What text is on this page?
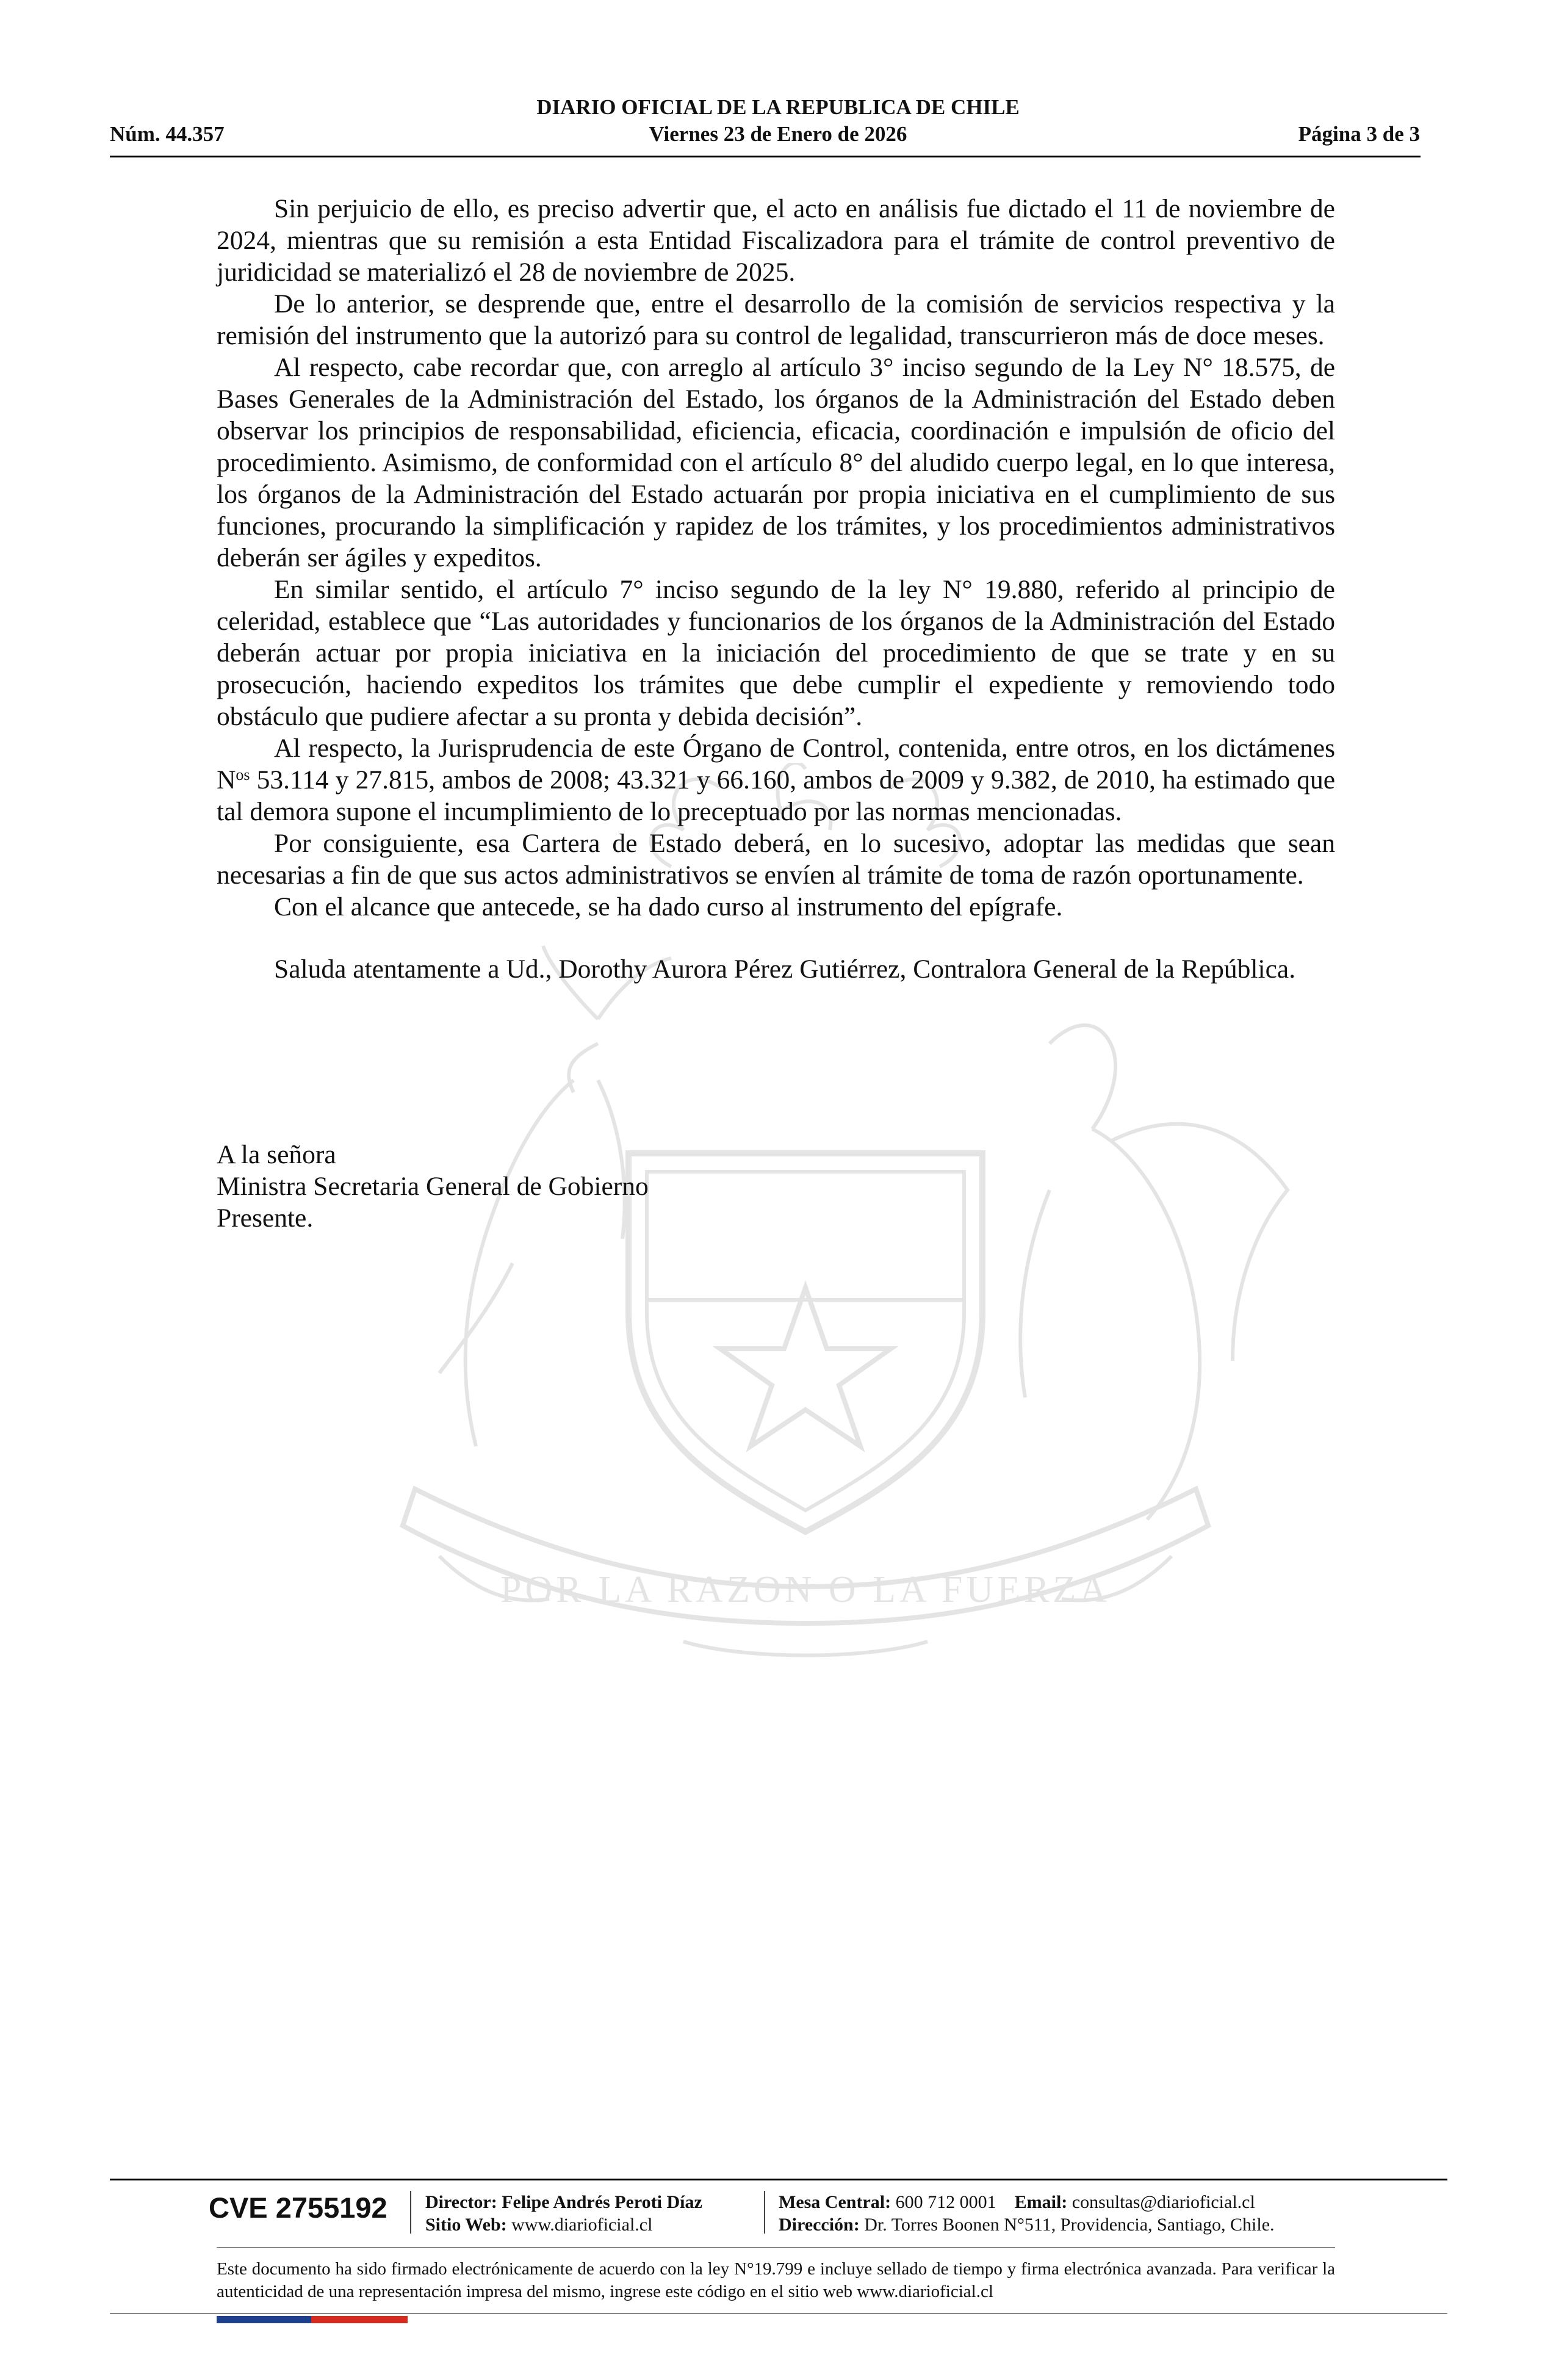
Núm. 44.357
DIARIO OFICIAL DE LA REPUBLICA DE CHILE
Viernes 23 de Enero de 2026	Página 3 de 3
POR LA RAZON O LA FUERZA

Sin perjuicio de ello, es preciso advertir que, el acto en análisis fue dictado el 11 de noviembre de 2024, mientras que su remisión a esta Entidad Fiscalizadora para el trámite de control preventivo de juridicidad se materializó el 28 de noviembre de 2025.

De lo anterior, se desprende que, entre el desarrollo de la comisión de servicios respectiva y la remisión del instrumento que la autorizó para su control de legalidad, transcurrieron más de doce meses.

Al respecto, cabe recordar que, con arreglo al artículo 3° inciso segundo de la Ley N° 18.575, de Bases Generales de la Administración del Estado, los órganos de la Administración del Estado deben observar los principios de responsabilidad, eficiencia, eficacia, coordinación e impulsión de oficio del procedimiento. Asimismo, de conformidad con el artículo 8° del aludido cuerpo legal, en lo que interesa, los órganos de la Administración del Estado actuarán por propia iniciativa en el cumplimiento de sus funciones, procurando la simplificación y rapidez de los trámites, y los procedimientos administrativos deberán ser ágiles y expeditos.

En similar sentido, el artículo 7° inciso segundo de la ley N° 19.880, referido al principio de celeridad, establece que “Las autoridades y funcionarios de los órganos de la Administración del Estado deberán actuar por propia iniciativa en la iniciación del procedimiento de que se trate y en su prosecución, haciendo expeditos los trámites que debe cumplir el expediente y removiendo todo obstáculo que pudiere afectar a su pronta y debida decisión”.

Al respecto, la Jurisprudencia de este Órgano de Control, contenida, entre otros, en los dictámenes $N^{os}$ 53.114 y 27.815, ambos de 2008; 43.321 y 66.160, ambos de 2009 y 9.382, de 2010, ha estimado que tal demora supone el incumplimiento de lo preceptuado por las normas mencionadas.

Por consiguiente, esa Cartera de Estado deberá, en lo sucesivo, adoptar las medidas que sean necesarias a fin de que sus actos administrativos se envíen al trámite de toma de razón oportunamente.

Con el alcance que antecede, se ha dado curso al instrumento del epígrafe.

Saluda atentamente a Ud., Dorothy Aurora Pérez Gutiérrez, Contralora General de la República.

A la señora
Ministra Secretaria General de Gobierno
Presente.
CVE 2755192 Director: Felipe Andrés Peroti Díaz
Sitio Web: www.diarioficial.cl
Mesa Central: 600 712 0001 Email: consultas@diarioficial.cl
Dirección: Dr. Torres Boonen N°511, Providencia, Santiago, Chile.
Este documento ha sido firmado electrónicamente de acuerdo con la ley N°19.799 e incluye sellado de tiempo y firma electrónica avanzada. Para verificar la autenticidad de una representación impresa del mismo, ingrese este código en el sitio web www.diarioficial.cl
